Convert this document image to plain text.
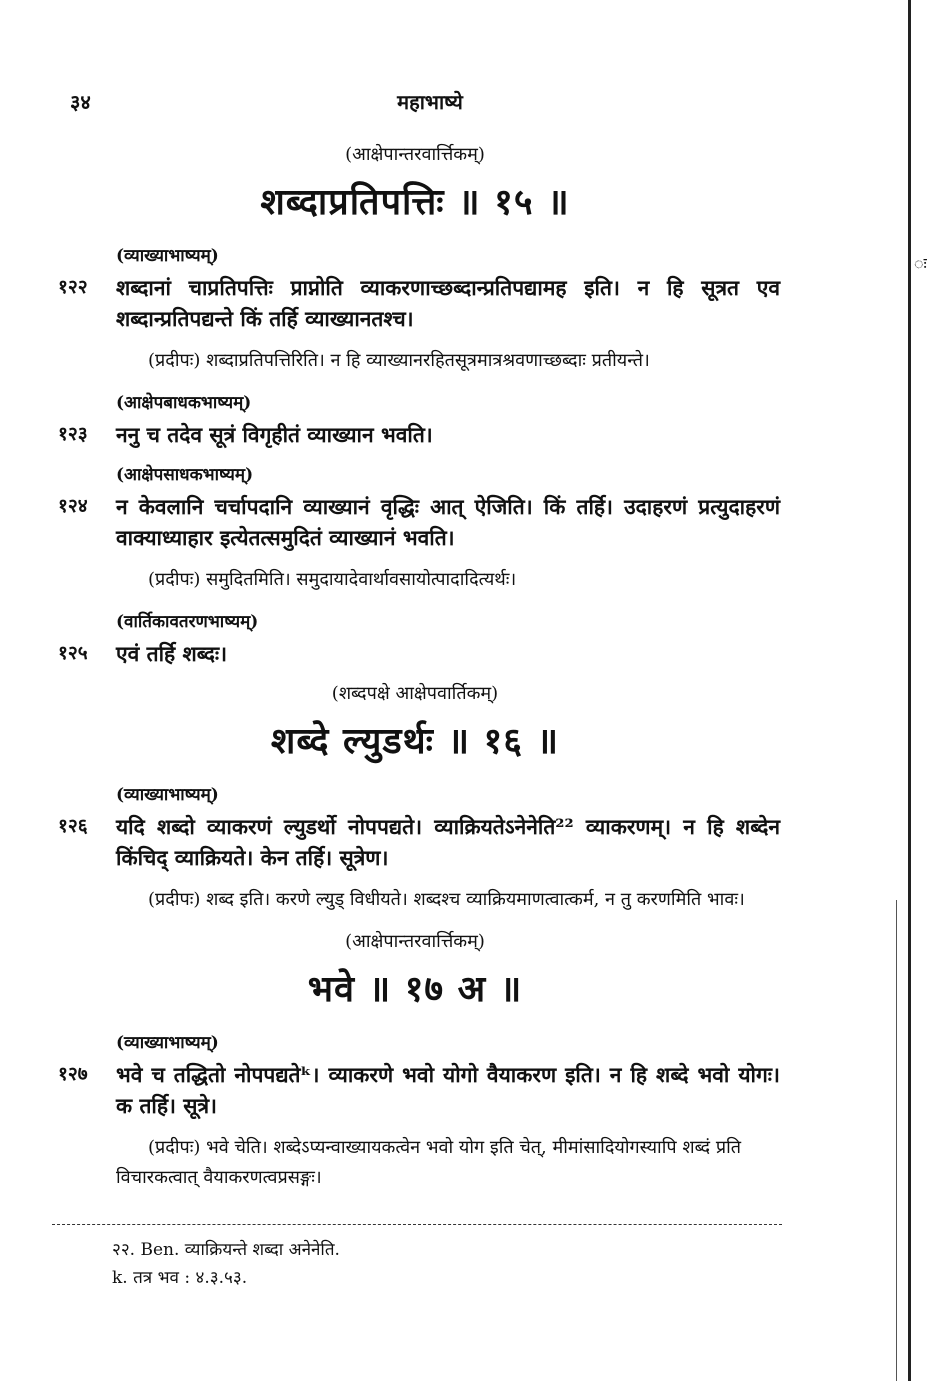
ः
३४	महाभाष्ये
(आक्षेपान्तरवार्त्तिकम्)
शब्दाप्रतिपत्तिः ॥ १५ ॥
(व्याख्याभाष्यम्)
१२२ शब्दानां चाप्रतिपत्तिः प्राप्नोति व्याकरणाच्छब्दान्प्रतिपद्यामह इति। न हि सूत्रत एव शब्दान्प्रतिपद्यन्ते किं तर्हि व्याख्यानतश्च।
(प्रदीपः) शब्दाप्रतिपत्तिरिति। न हि व्याख्यानरहितसूत्रमात्रश्रवणाच्छब्दाः प्रतीयन्ते।
(आक्षेपबाधकभाष्यम्)
१२३ ननु च तदेव सूत्रं विगृहीतं व्याख्यान भवति।
(आक्षेपसाधकभाष्यम्)
१२४ न केवलानि चर्चापदानि व्याख्यानं वृद्धिः आत् ऐजिति। किं तर्हि। उदाहरणं प्रत्युदाहरणं वाक्याध्याहार इत्येतत्समुदितं व्याख्यानं भवति।
(प्रदीपः) समुदितमिति। समुदायादेवार्थावसायोत्पादादित्यर्थः।
(वार्तिकावतरणभाष्यम्)
१२५ एवं तर्हि शब्दः।
(शब्दपक्षे आक्षेपवार्तिकम्)
शब्दे ल्युडर्थः ॥ १६ ॥
(व्याख्याभाष्यम्)
१२६ यदि शब्दो व्याकरणं ल्युडर्थो नोपपद्यते। व्याक्रियतेऽनेनेति²² व्याकरणम्। न हि शब्देन किंचिद् व्याक्रियते। केन तर्हि। सूत्रेण।
(प्रदीपः) शब्द इति। करणे ल्युड् विधीयते। शब्दश्च व्याक्रियमाणत्वात्कर्म, न तु करणमिति भावः।
(आक्षेपान्तरवार्त्तिकम्)
भवे ॥ १७ अ ॥
(व्याख्याभाष्यम्)
१२७ भवे च तद्धितो नोपपद्यतेᵏ। व्याकरणे भवो योगो वैयाकरण इति। न हि शब्दे भवो योगः। क तर्हि। सूत्रे।
(प्रदीपः) भवे चेति। शब्देऽप्यन्वाख्यायकत्वेन भवो योग इति चेत्, मीमांसादियोगस्यापि शब्दं प्रति विचारकत्वात् वैयाकरणत्वप्रसङ्गः।
२२. Ben. व्याक्रियन्ते शब्दा अनेनेति.
k. तत्र भव : ४.३.५३.
